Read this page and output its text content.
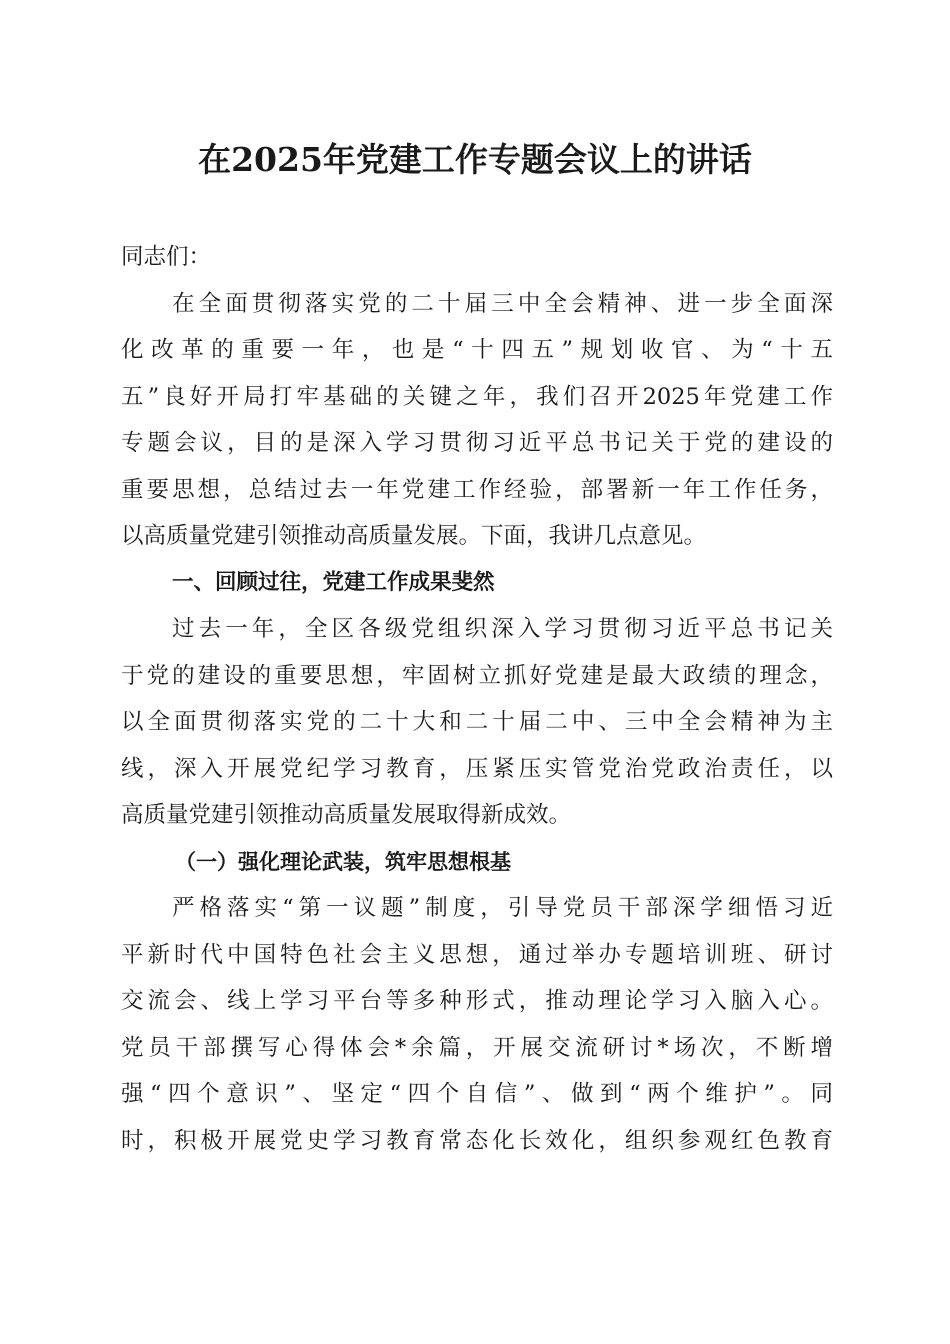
在2025年党建工作专题会议上的讲话
同志们：
在全面贯彻落实党的二十届三中全会精神、进一步全面深
化改革的重要一年，也是“十四五”规划收官、为“十五
五”良好开局打牢基础的关键之年，我们召开2025年党建工作
专题会议，目的是深入学习贯彻习近平总书记关于党的建设的
重要思想，总结过去一年党建工作经验，部署新一年工作任务，
以高质量党建引领推动高质量发展。下面，我讲几点意见。
一、回顾过往，党建工作成果斐然
过去一年，全区各级党组织深入学习贯彻习近平总书记关
于党的建设的重要思想，牢固树立抓好党建是最大政绩的理念，
以全面贯彻落实党的二十大和二十届二中、三中全会精神为主
线，深入开展党纪学习教育，压紧压实管党治党政治责任，以
高质量党建引领推动高质量发展取得新成效。
（一）强化理论武装，筑牢思想根基
严格落实“第一议题”制度，引导党员干部深学细悟习近
平新时代中国特色社会主义思想，通过举办专题培训班、研讨
交流会、线上学习平台等多种形式，推动理论学习入脑入心。
党员干部撰写心得体会*余篇，开展交流研讨*场次，不断增
强“四个意识”、坚定“四个自信”、做到“两个维护”。同
时，积极开展党史学习教育常态化长效化，组织参观红色教育
